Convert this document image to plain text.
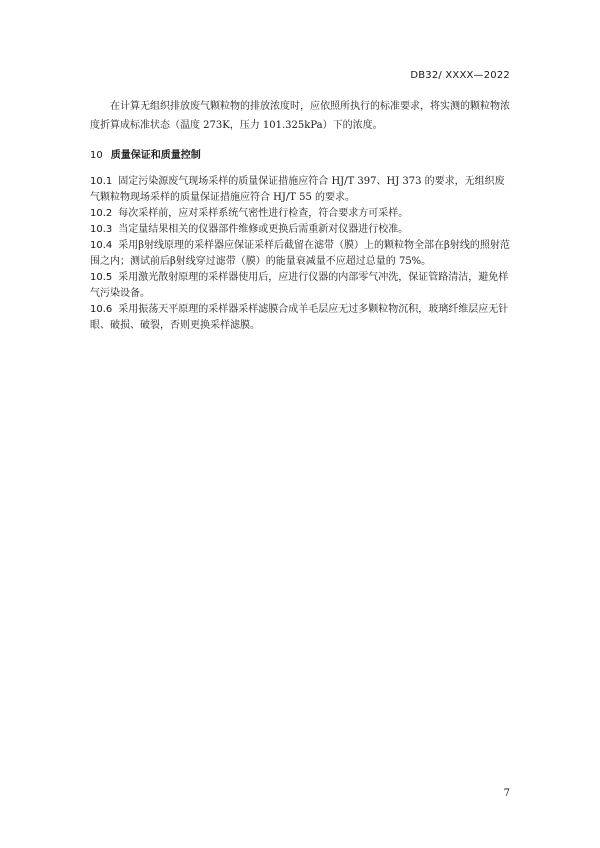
DB32/ XXXX—2022

在计算无组织排放废气颗粒物的排放浓度时，应依照所执行的标准要求，将实测的颗粒物浓度折算成标准状态（温度 273K，压力 101.325kPa）下的浓度。

10 质量保证和质量控制

10.1 固定污染源废气现场采样的质量保证措施应符合 HJ/T 397、HJ 373 的要求，无组织废气颗粒物现场采样的质量保证措施应符合 HJ/T 55 的要求。

10.2 每次采样前，应对采样系统气密性进行检查，符合要求方可采样。

10.3 当定量结果相关的仪器部件维修或更换后需重新对仪器进行校准。

10.4 采用β射线原理的采样器应保证采样后截留在滤带（膜）上的颗粒物全部在β射线的照射范围之内；测试前后β射线穿过滤带（膜）的能量衰减量不应超过总量的 75%。

10.5 采用激光散射原理的采样器使用后，应进行仪器的内部零气冲洗，保证管路清洁，避免样气污染设备。

10.6 采用振荡天平原理的采样器采样滤膜合成羊毛层应无过多颗粒物沉积，玻璃纤维层应无针眼、破损、破裂，否则更换采样滤膜。

7
